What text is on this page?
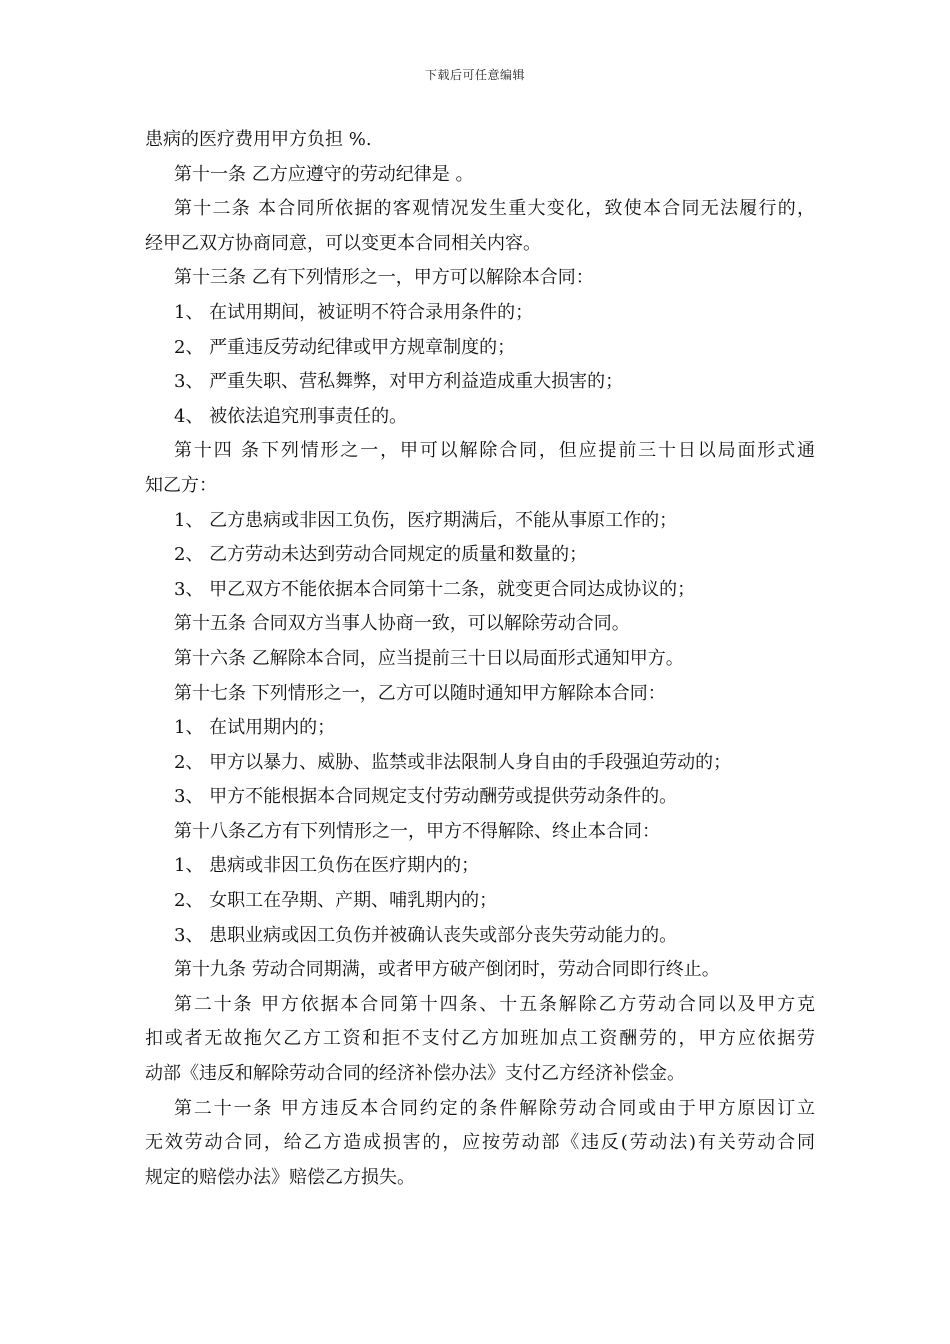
下载后可任意编辑
患病的医疗费用甲方负担 %.
第十一条 乙方应遵守的劳动纪律是 。
第十二条 本合同所依据的客观情况发生重大变化，致使本合同无法履行的，
经甲乙双方协商同意，可以变更本合同相关内容。
第十三条 乙有下列情形之一，甲方可以解除本合同：
1、 在试用期间，被证明不符合录用条件的；
2、 严重违反劳动纪律或甲方规章制度的；
3、 严重失职、营私舞弊，对甲方利益造成重大损害的；
4、 被依法追究刑事责任的。
第十四 条下列情形之一，甲可以解除合同，但应提前三十日以局面形式通
知乙方：
1、 乙方患病或非因工负伤，医疗期满后，不能从事原工作的；
2、 乙方劳动未达到劳动合同规定的质量和数量的；
3、 甲乙双方不能依据本合同第十二条，就变更合同达成协议的；
第十五条 合同双方当事人协商一致，可以解除劳动合同。
第十六条 乙解除本合同，应当提前三十日以局面形式通知甲方。
第十七条 下列情形之一，乙方可以随时通知甲方解除本合同：
1、 在试用期内的；
2、 甲方以暴力、威胁、监禁或非法限制人身自由的手段强迫劳动的；
3、 甲方不能根据本合同规定支付劳动酬劳或提供劳动条件的。
第十八条乙方有下列情形之一，甲方不得解除、终止本合同：
1、 患病或非因工负伤在医疗期内的；
2、 女职工在孕期、产期、哺乳期内的；
3、 患职业病或因工负伤并被确认丧失或部分丧失劳动能力的。
第十九条 劳动合同期满，或者甲方破产倒闭时，劳动合同即行终止。
第二十条 甲方依据本合同第十四条、十五条解除乙方劳动合同以及甲方克
扣或者无故拖欠乙方工资和拒不支付乙方加班加点工资酬劳的，甲方应依据劳
动部《违反和解除劳动合同的经济补偿办法》支付乙方经济补偿金。
第二十一条 甲方违反本合同约定的条件解除劳动合同或由于甲方原因订立
无效劳动合同，给乙方造成损害的，应按劳动部《违反(劳动法)有关劳动合同
规定的赔偿办法》赔偿乙方损失。
